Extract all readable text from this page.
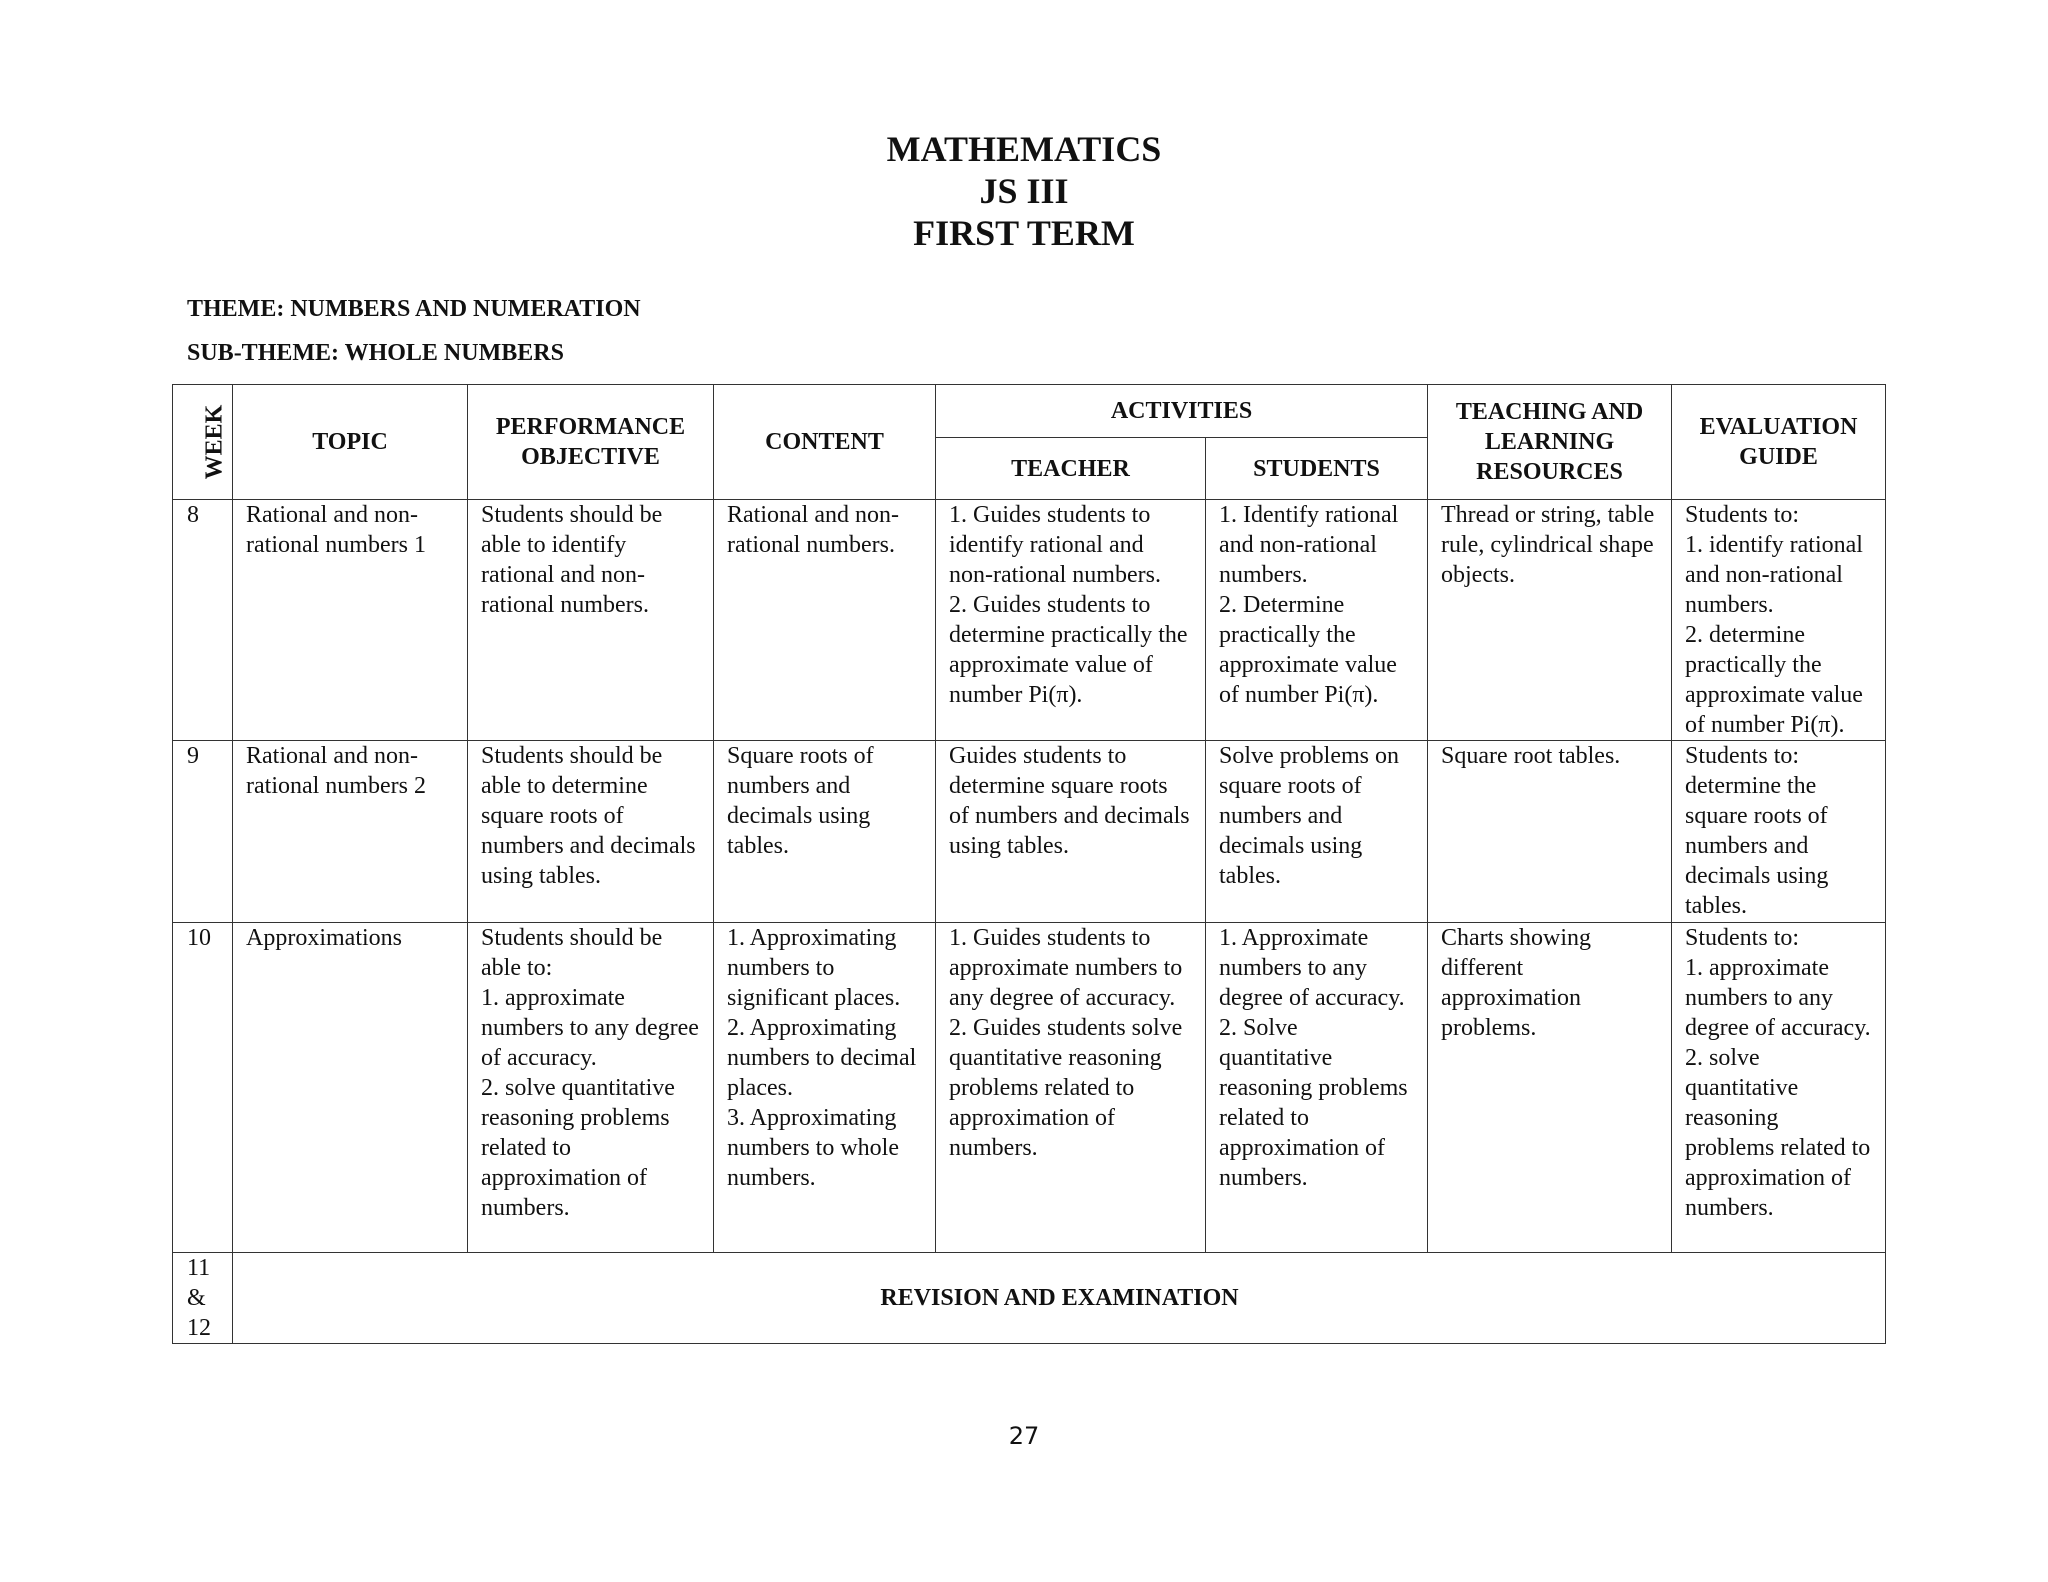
MATHEMATICS
JS III
FIRST TERM
THEME: NUMBERS AND NUMERATION
SUB-THEME: WHOLE NUMBERS
WEEK	TOPIC	PERFORMANCE OBJECTIVE	CONTENT	ACTIVITIES		TEACHING AND LEARNING RESOURCES	EVALUATION GUIDE
				TEACHER	STUDENTS		
8	Rational and non-rational numbers 1	Students should be able to identify rational and non-rational numbers.	Rational and non-rational numbers.	1. Guides students to identify rational and non-rational numbers.
2. Guides students to determine practically the approximate value of number Pi(π).	1. Identify rational and non-rational numbers.
2. Determine practically the approximate value of number Pi(π).	Thread or string, table rule, cylindrical shape objects.	Students to:
1. identify rational and non-rational numbers.
2. determine practically the approximate value of number Pi(π).
9	Rational and non-rational numbers 2	Students should be able to determine square roots of numbers and decimals using tables.	Square roots of numbers and decimals using tables.	Guides students to determine square roots of numbers and decimals using tables.	Solve problems on square roots of numbers and decimals using tables.	Square root tables.	Students to:
determine the square roots of numbers and decimals using tables.
10	Approximations	Students should be able to:
1. approximate numbers to any degree of accuracy.
2. solve quantitative reasoning problems related to approximation of numbers.	1. Approximating numbers to significant places.
2. Approximating numbers to decimal places.
3. Approximating numbers to whole numbers.	1. Guides students to approximate numbers to any degree of accuracy.
2. Guides students solve quantitative reasoning problems related to approximation of numbers.	1. Approximate numbers to any degree of accuracy.
2. Solve quantitative reasoning problems related to approximation of numbers.	Charts showing different approximation problems.	Students to:
1. approximate numbers to any degree of accuracy.
2. solve quantitative reasoning problems related to approximation of numbers.

11
&
12	REVISION AND EXAMINATION						
27
